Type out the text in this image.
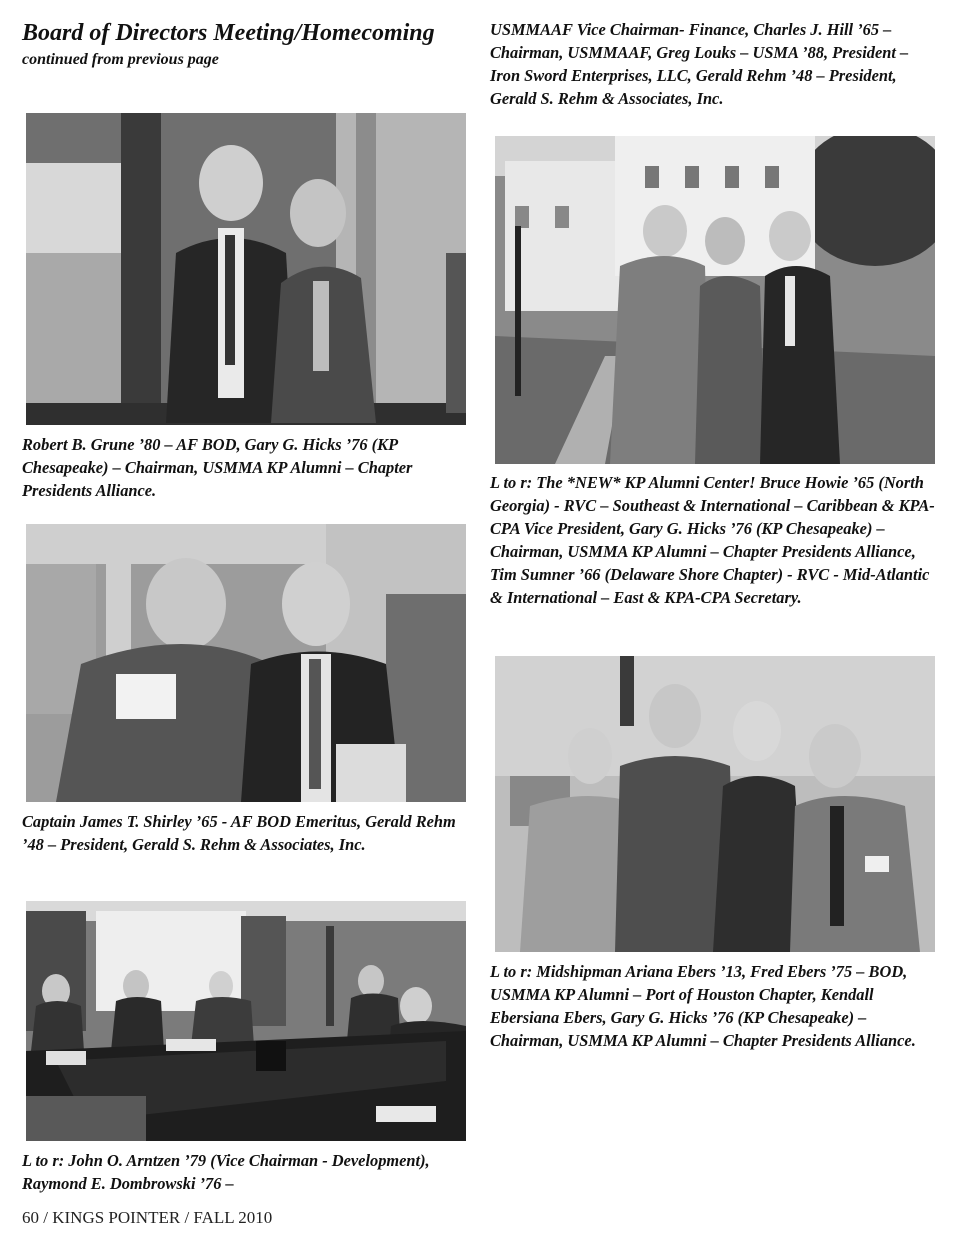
Board of Directors Meeting/Homecoming
continued from previous page
USMMAAF Vice Chairman- Finance, Charles J. Hill ’65 – Chairman, USMMAAF, Greg Louks – USMA ’88, President – Iron Sword Enterprises, LLC, Gerald Rehm ’48 – President, Gerald S. Rehm & Associates, Inc.
Robert B. Grune ’80 – AF BOD, Gary G. Hicks ’76 (KP Chesapeake) – Chairman, USMMA KP Alumni – Chapter Presidents Alliance.	L to r: The *NEW* KP Alumni Center! Bruce Howie ’65 (North Georgia) - RVC – Southeast & International – Caribbean & KPA-CPA Vice President, Gary G. Hicks ’76 (KP Chesapeake) – Chairman, USMMA KP Alumni – Chapter Presidents Alliance, Tim Sumner ’66 (Delaware Shore Chapter) - RVC - Mid-Atlantic & International – East & KPA-CPA Secretary.
Captain James T. Shirley ’65 - AF BOD Emeritus, Gerald Rehm ’48 – President, Gerald S. Rehm & Associates, Inc.
L to r: Midshipman Ariana Ebers ’13, Fred Ebers ’75 – BOD, USMMA KP Alumni – Port of Houston Chapter, Kendall Ebersiana Ebers, Gary G. Hicks ’76 (KP Chesapeake) – Chairman, USMMA KP Alumni – Chapter Presidents Alliance.
L to r: John O. Arntzen ’79 (Vice Chairman - Development), Raymond E. Dombrowski ’76 –
60 / KINGS POINTER / FALL 2010
